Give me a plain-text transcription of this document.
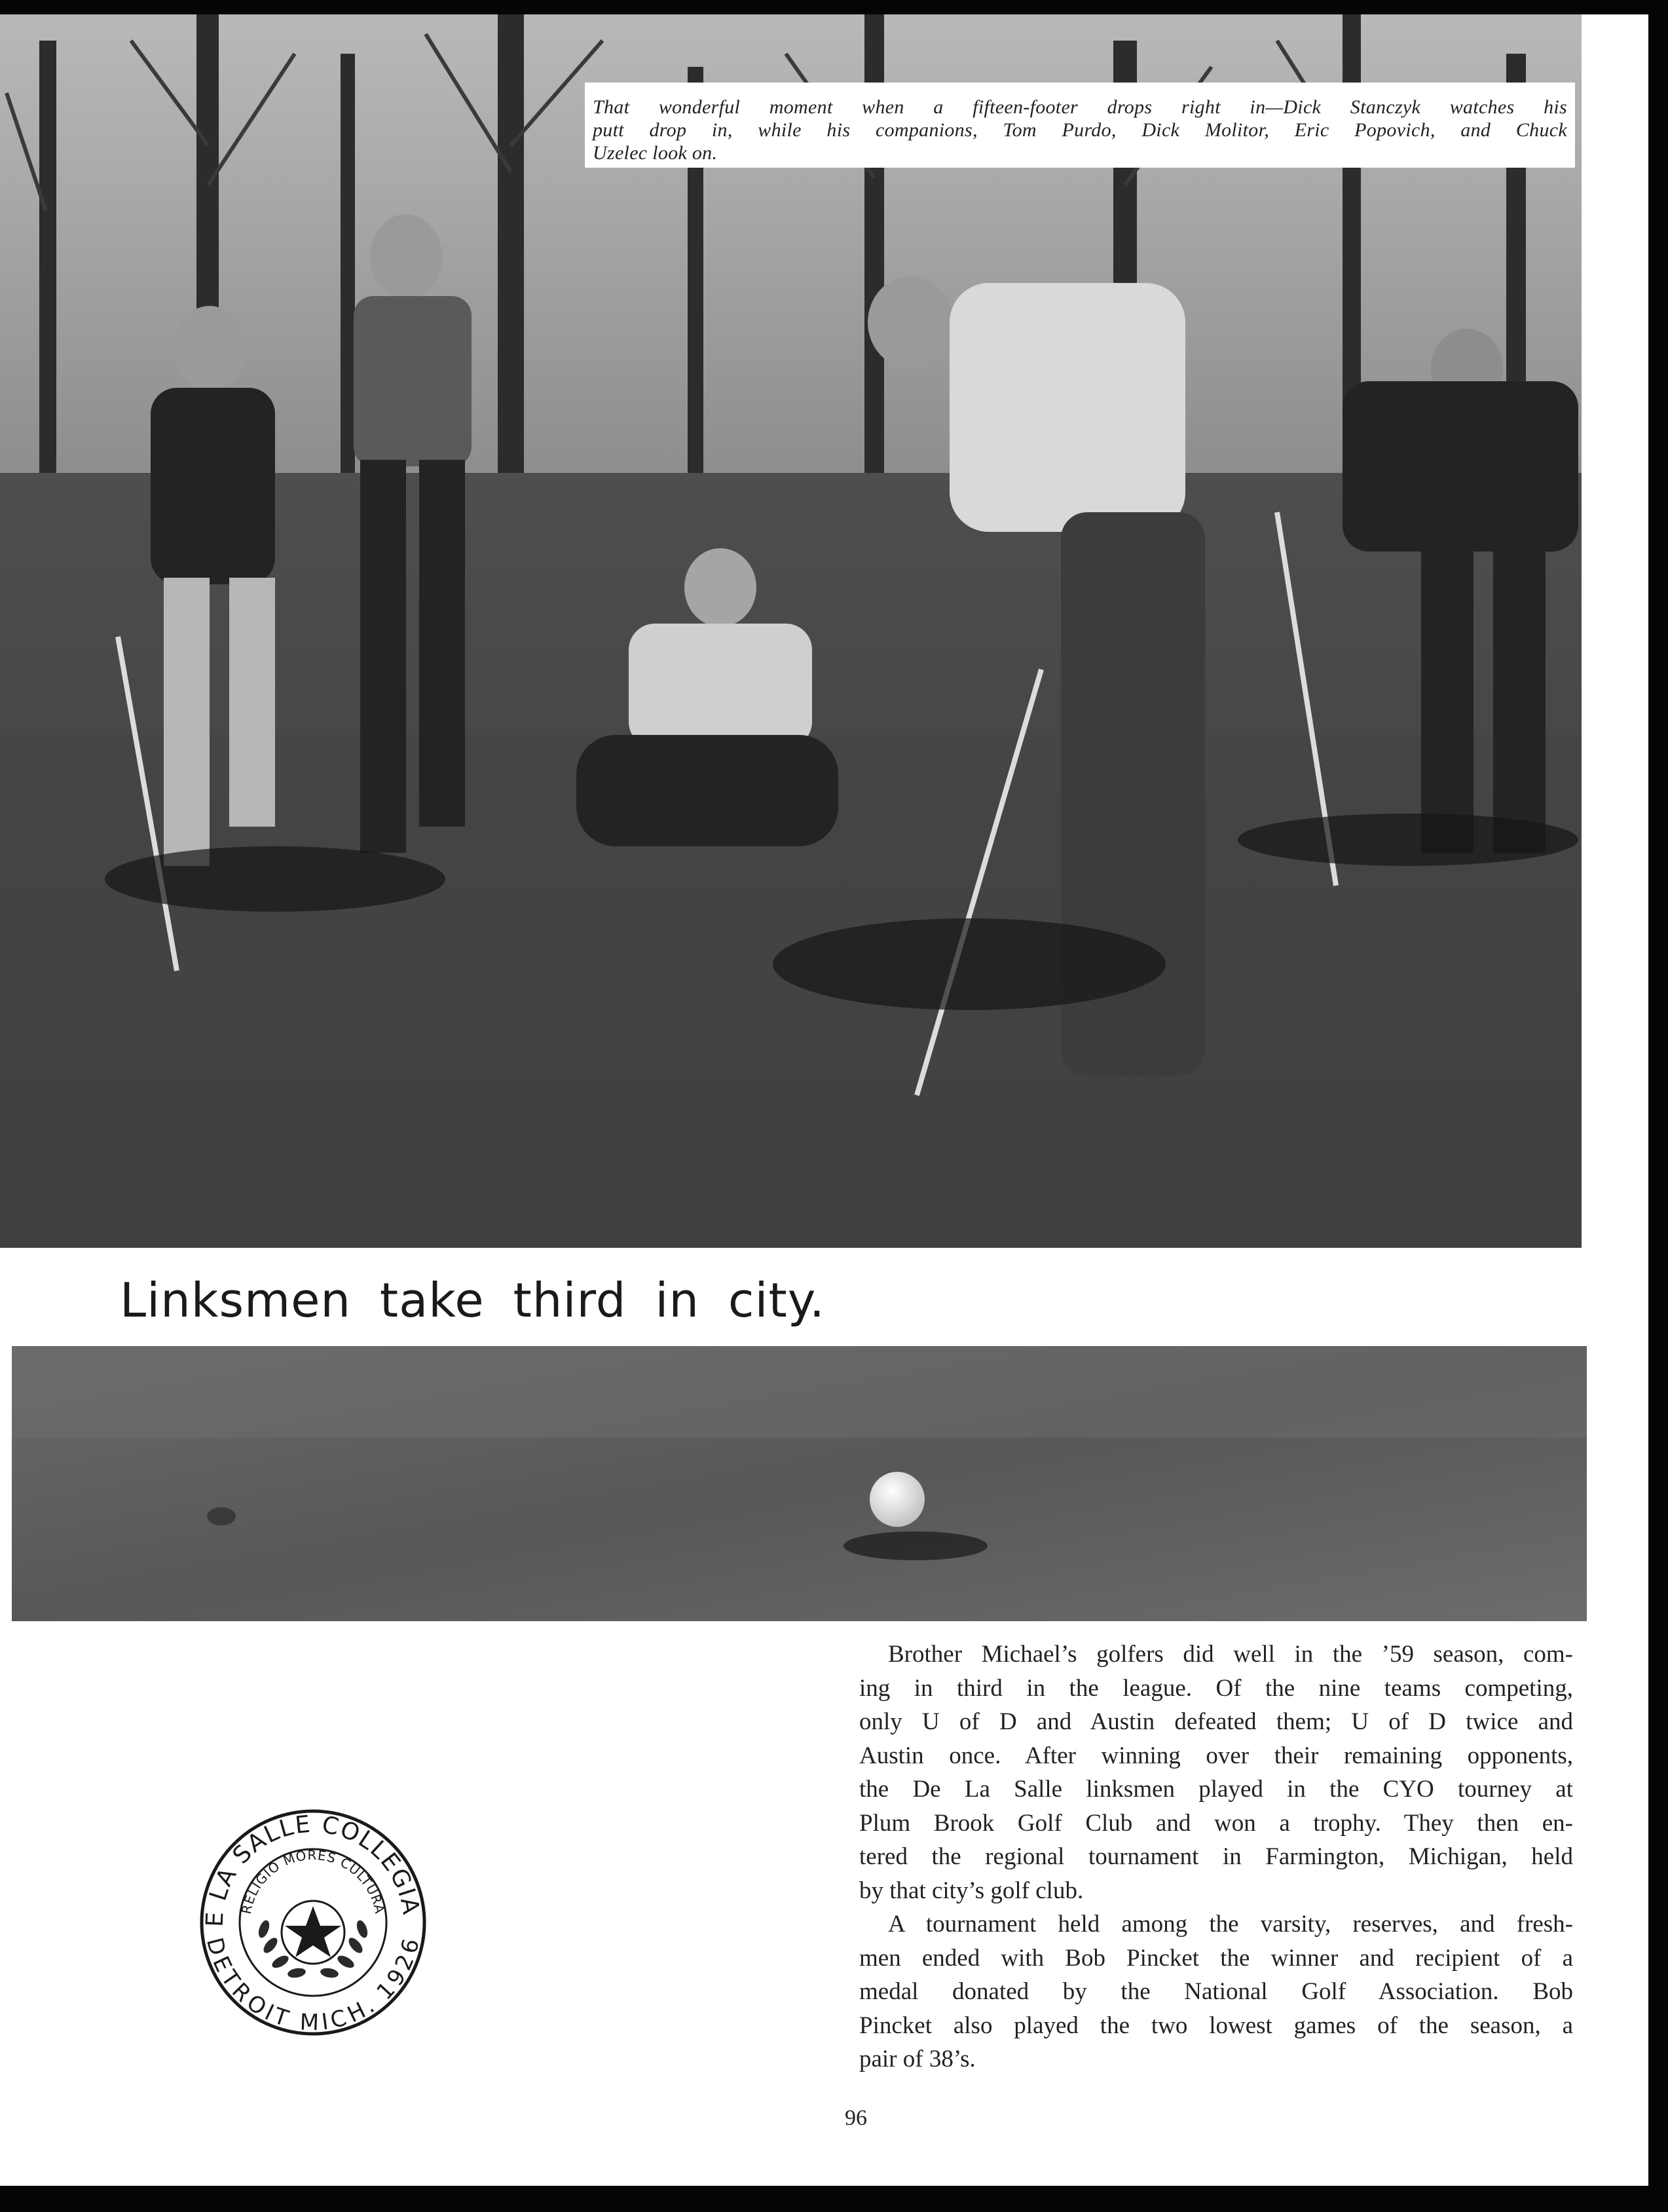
That wonderful moment when a fifteen-footer drops right in—Dick Stanczyk watches his
putt drop in, while his companions, Tom Purdo, Dick Molitor, Eric Popovich, and Chuck
Uzelec look on.
Linksmen take third in city.

Brother Michael’s golfers did well in the ’59 season, com-
ing in third in the league. Of the nine teams competing,
only U of D and Austin defeated them; U of D twice and
Austin once. After winning over their remaining opponents,
the De La Salle linksmen played in the CYO tourney at
Plum Brook Golf Club and won a trophy. They then en-
tered the regional tournament in Farmington, Michigan, held
by that city’s golf club.

A tournament held among the varsity, reserves, and fresh-
men ended with Bob Pincket the winner and recipient of a
medal donated by the National Golf Association. Bob
Pincket also played the two lowest games of the season, a
pair of 38’s.

E LA SALLE COLLEGIA
DETROIT MICH. 1926
RELIGIO MORES CULTURA
96
